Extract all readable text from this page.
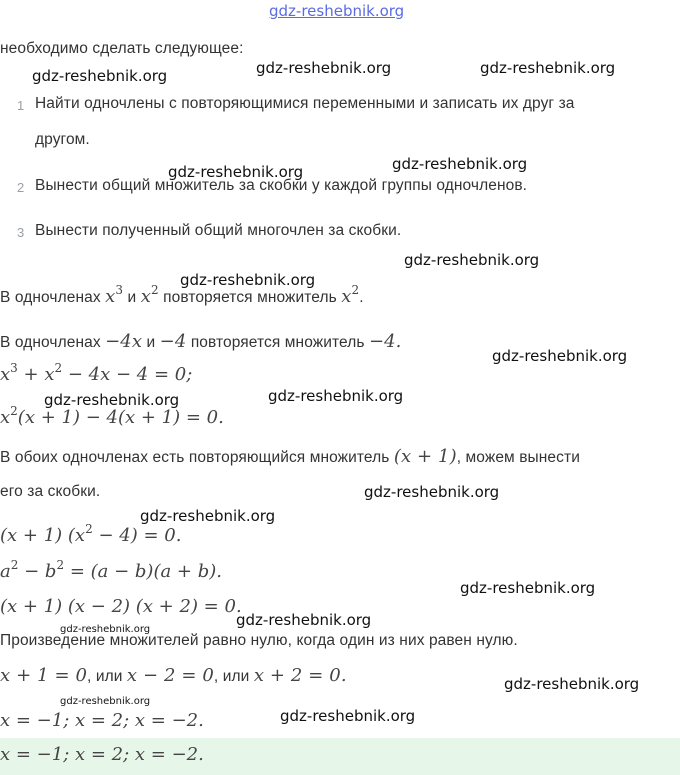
gdz-reshebnik.org
необходимо сделать следующее:
1 Найти одночлены с повторяющимися переменными и записать их друг за
другом.
2 Вынести общий множитель за скобки у каждой группы одночленов.
3 Вынести полученный общий многочлен за скобки.
В одночленах $x^3$ и $x^2$ повторяется множитель $x^2$.
В одночленах −4x и −4 повторяется множитель −4.
$x^3 + x^2 - 4x - 4 = 0$;
$x^2(x + 1) - 4(x + 1) = 0$.
В обоих одночленах есть повторяющийся множитель (x + 1), можем вынести
его за скобки.
(x + 1) $(x^2 - 4) = 0$.
$a^2 - b^2 = (a - b)(a + b)$.
(x + 1) (x − 2) (x + 2) = 0.
Произведение множителей равно нулю, когда один из них равен нулю.
x + 1 = 0, или x − 2 = 0, или x + 2 = 0.
x = −1; x = 2; x = −2.
x = −1; x = 2; x = −2.
gdz-reshebnik.org	gdz-reshebnik.org	gdz-reshebnik.org
gdz-reshebnik.org	gdz-reshebnik.org
gdz-reshebnik.org
gdz-reshebnik.org
gdz-reshebnik.org
gdz-reshebnik.org	gdz-reshebnik.org
gdz-reshebnik.org
gdz-reshebnik.org
gdz-reshebnik.org
gdz-reshebnik.org
gdz-reshebnik.org
gdz-reshebnik.org
gdz-reshebnik.org
gdz-reshebnik.org
